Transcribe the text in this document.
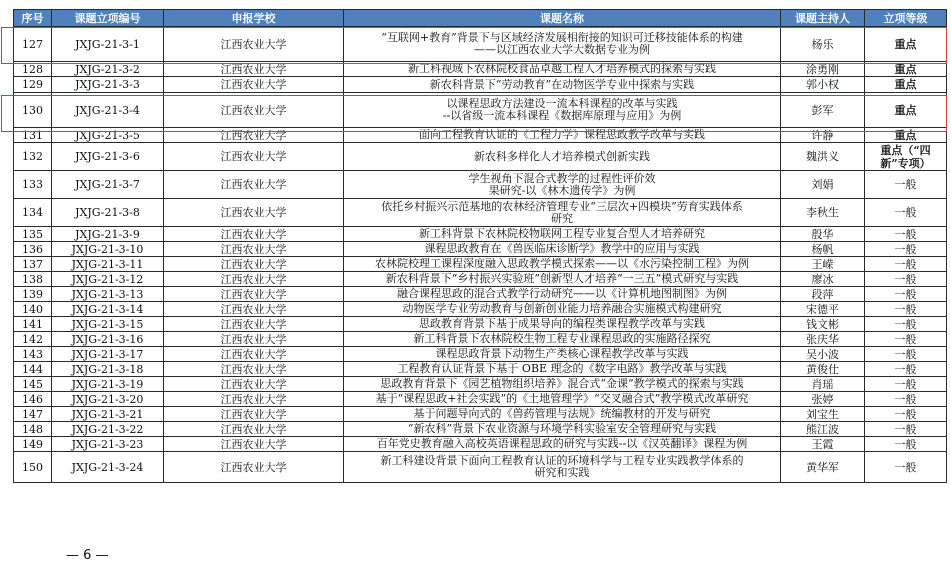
序号	课题立项编号	申报学校	课题名称	课题主持人	立项等级
127	JXJG-21-3-1	江西农业大学	“互联网+教育”背景下与区域经济发展相衔接的知识可迁移技能体系的构建
——以江西农业大学大数据专业为例	杨乐	重点
128	JXJG-21-3-2	江西农业大学	新工科视域下农林院校食品卓越工程人才培养模式的探索与实践	涂勇刚	重点
129	JXJG-21-3-3	江西农业大学	新农科背景下“劳动教育”在动物医学专业中探索与实践	郭小权	重点
130	JXJG-21-3-4	江西农业大学	以课程思政方法建设一流本科课程的改革与实践
--以省级一流本科课程《数据库原理与应用》为例	彭军	重点
131	JXJG-21-3-5	江西农业大学	面向工程教育认证的《工程力学》课程思政教学改革与实践	许静	重点
132	JXJG-21-3-6	江西农业大学	新农科多样化人才培养模式创新实践	魏洪义	重点（“四新”专项）
133	JXJG-21-3-7	江西农业大学	学生视角下混合式教学的过程性评价效
果研究-以《林木遗传学》为例	刘娟	一般
134	JXJG-21-3-8	江西农业大学	依托乡村振兴示范基地的农林经济管理专业“三层次+四模块”劳育实践体系
研究	李秋生	一般
135	JXJG-21-3-9	江西农业大学	新工科背景下农林院校物联网工程专业复合型人才培养研究	殷华	一般
136	JXJG-21-3-10	江西农业大学	课程思政教育在《兽医临床诊断学》教学中的应用与实践	杨帆	一般
137	JXJG-21-3-11	江西农业大学	农林院校理工课程深度融入思政教学模式探索——以《水污染控制工程》为例	王嵘	一般
138	JXJG-21-3-12	江西农业大学	新农科背景下“乡村振兴实验班”创新型人才培养“一三五”模式研究与实践	廖冰	一般
139	JXJG-21-3-13	江西农业大学	融合课程思政的混合式教学行动研究——以《计算机地图制图》为例	段萍	一般
140	JXJG-21-3-14	江西农业大学	动物医学专业劳动教育与创新创业能力培养融合实施模式构建研究	宋德平	一般
141	JXJG-21-3-15	江西农业大学	思政教育背景下基于成果导向的编程类课程教学改革与实践	钱文彬	一般
142	JXJG-21-3-16	江西农业大学	新工科背景下农林院校生物工程专业课程思政的实施路径探究	张庆华	一般
143	JXJG-21-3-17	江西农业大学	课程思政背景下动物生产类核心课程教学改革与实践	吴小波	一般
144	JXJG-21-3-18	江西农业大学	工程教育认证背景下基于 OBE 理念的《数字电路》教学改革与实践	黄俊仕	一般
145	JXJG-21-3-19	江西农业大学	思政教育背景下《园艺植物组织培养》混合式“金课”教学模式的探索与实践	肖瑶	一般
146	JXJG-21-3-20	江西农业大学	基于“课程思政+社会实践”的《土地管理学》“交叉融合式”教学模式改革研究	张婷	一般
147	JXJG-21-3-21	江西农业大学	基于问题导向式的《兽药管理与法规》统编教材的开发与研究	刘宝生	一般
148	JXJG-21-3-22	江西农业大学	“新农科”背景下农业资源与环境学科实验室安全管理研究与实践	熊江波	一般
149	JXJG-21-3-23	江西农业大学	百年党史教育融入高校英语课程思政的研究与实践--以《汉英翻译》课程为例	王霞	一般
150	JXJG-21-3-24	江西农业大学	新工科建设背景下面向工程教育认证的环境科学与工程专业实践教学体系的
研究和实践	黄华军	一般
— 6 —
